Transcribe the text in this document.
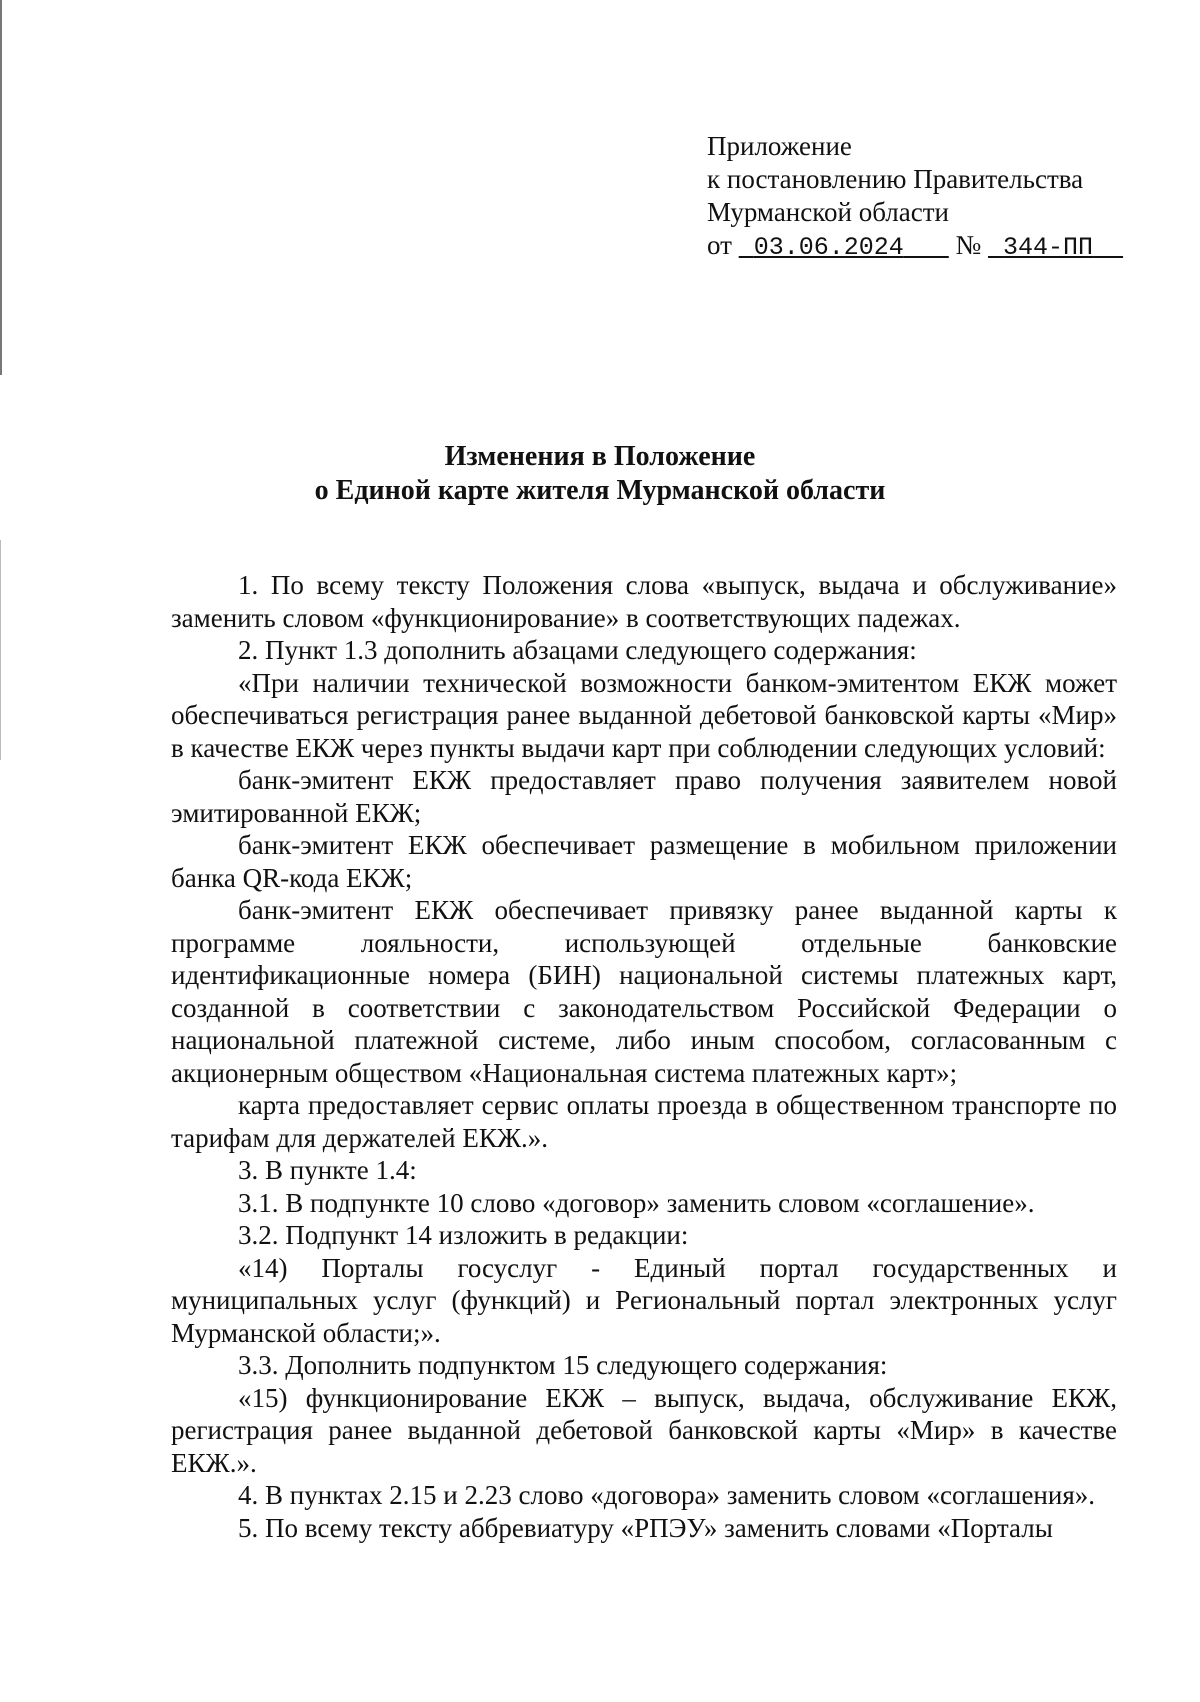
Приложение
к постановлению Правительства
Мурманской области
от 03.06.2024 № 344-ПП
Изменения в Положение
о Единой карте жителя Мурманской области

1. По всему тексту Положения слова «выпуск, выдача и обслуживание» заменить словом «функционирование» в соответствующих падежах.

2. Пункт 1.3 дополнить абзацами следующего содержания:

«При наличии технической возможности банком-эмитентом ЕКЖ может обеспечиваться регистрация ранее выданной дебетовой банковской карты «Мир» в качестве ЕКЖ через пункты выдачи карт при соблюдении следующих условий:

банк-эмитент ЕКЖ предоставляет право получения заявителем новой эмитированной ЕКЖ;

банк-эмитент ЕКЖ обеспечивает размещение в мобильном приложении банка QR-кода ЕКЖ;

банк-эмитент ЕКЖ обеспечивает привязку ранее выданной карты к программе лояльности, использующей отдельные банковские идентификационные номера (БИН) национальной системы платежных карт, созданной в соответствии с законодательством Российской Федерации о национальной платежной системе, либо иным способом, согласованным с акционерным обществом «Национальная система платежных карт»;

карта предоставляет сервис оплаты проезда в общественном транспорте по тарифам для держателей ЕКЖ.».

3. В пункте 1.4:

3.1. В подпункте 10 слово «договор» заменить словом «соглашение».

3.2. Подпункт 14 изложить в редакции:

«14) Порталы госуслуг - Единый портал государственных и муниципальных услуг (функций) и Региональный портал электронных услуг Мурманской области;».

3.3. Дополнить подпунктом 15 следующего содержания:

«15) функционирование ЕКЖ – выпуск, выдача, обслуживание ЕКЖ, регистрация ранее выданной дебетовой банковской карты «Мир» в качестве ЕКЖ.».

4. В пунктах 2.15 и 2.23 слово «договора» заменить словом «соглашения».

5. По всему тексту аббревиатуру «РПЭУ» заменить словами «Порталы
